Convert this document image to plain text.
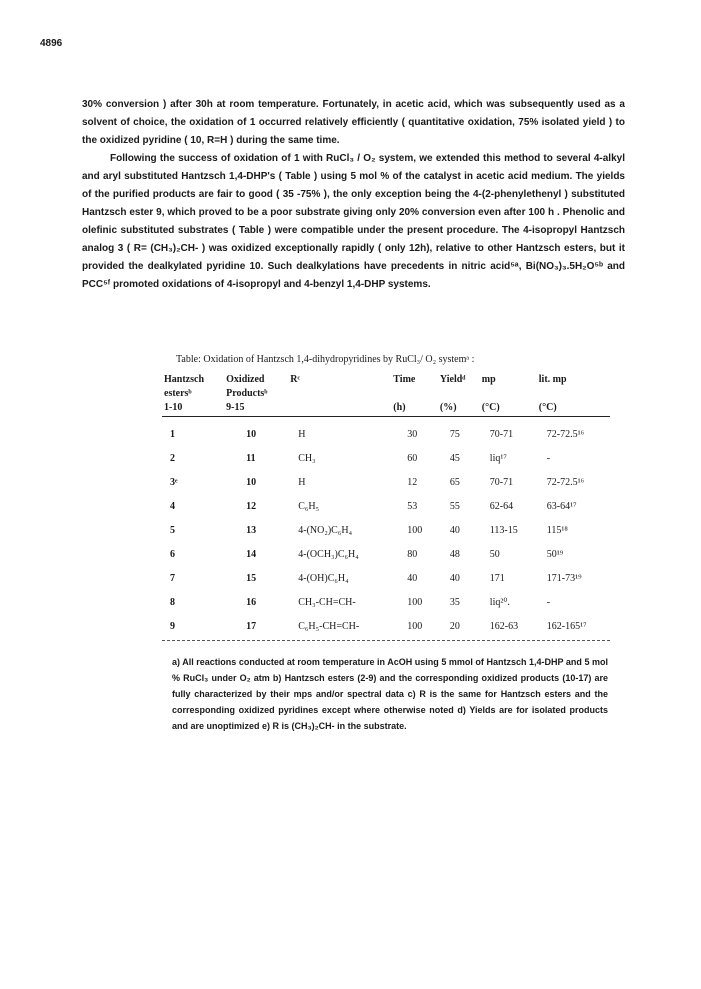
4896

30% conversion ) after 30h at room temperature. Fortunately, in acetic acid, which was subsequently used as a solvent of choice, the oxidation of 1 occurred relatively efficiently ( quantitative oxidation, 75% isolated yield ) to the oxidized pyridine ( 10, R=H ) during the same time.

Following the success of oxidation of 1 with RuCl₃ / O₂ system, we extended this method to several 4-alkyl and aryl substituted Hantzsch 1,4-DHP's ( Table ) using 5 mol % of the catalyst in acetic acid medium. The yields of the purified products are fair to good ( 35 -75% ), the only exception being the 4-(2-phenylethenyl ) substituted Hantzsch ester 9, which proved to be a poor substrate giving only 20% conversion even after 100 h . Phenolic and olefinic substituted substrates ( Table ) were compatible under the present procedure. The 4-isopropyl Hantzsch analog 3 ( R= (CH₃)₂CH- ) was oxidized exceptionally rapidly ( only 12h), relative to other Hantzsch esters, but it provided the dealkylated pyridine 10. Such dealkylations have precedents in nitric acid⁵ᵃ, Bi(NO₃)₃.5H₂O⁵ᵇ and PCC⁵ᶠ promoted oxidations of 4-isopropyl and 4-benzyl 1,4-DHP systems.

Table: Oxidation of Hantzsch 1,4-dihydropyridines by RuCl₃/ O₂ systemᵃ :
Hantzsch	Oxidized	Rᶜ	Time	Yieldᵈ	mp	lit. mp
estersᵇ	Productsᵇ					
1-10	9-15		(h)	(%)	(°C)	(°C)
1	10	H	30	75	70-71	72-72.5¹⁶
2	11	CH₃	60	45	liq¹⁷	-
3ᵉ	10	H	12	65	70-71	72-72.5¹⁶
4	12	C₆H₅	53	55	62-64	63-64¹⁷
5	13	4-(NO₂)C₆H₄	100	40	113-15	115¹⁸
6	14	4-(OCH₃)C₆H₄	80	48	50	50¹⁹
7	15	4-(OH)C₆H₄	40	40	171	171-73¹⁹
8	16	CH₃-CH=CH-	100	35	liq²⁰.	-
9	17	C₆H₅-CH=CH-	100	20	162-63	162-165¹⁷

a) All reactions conducted at room temperature in AcOH using 5 mmol of Hantzsch 1,4-DHP and 5 mol % RuCl₃ under O₂ atm b) Hantzsch esters (2-9) and the corresponding oxidized products (10-17) are fully characterized by their mps and/or spectral data c) R is the same for Hantzsch esters and the corresponding oxidized pyridines except where otherwise noted d) Yields are for isolated products and are unoptimized e) R is (CH₃)₂CH- in the substrate.
